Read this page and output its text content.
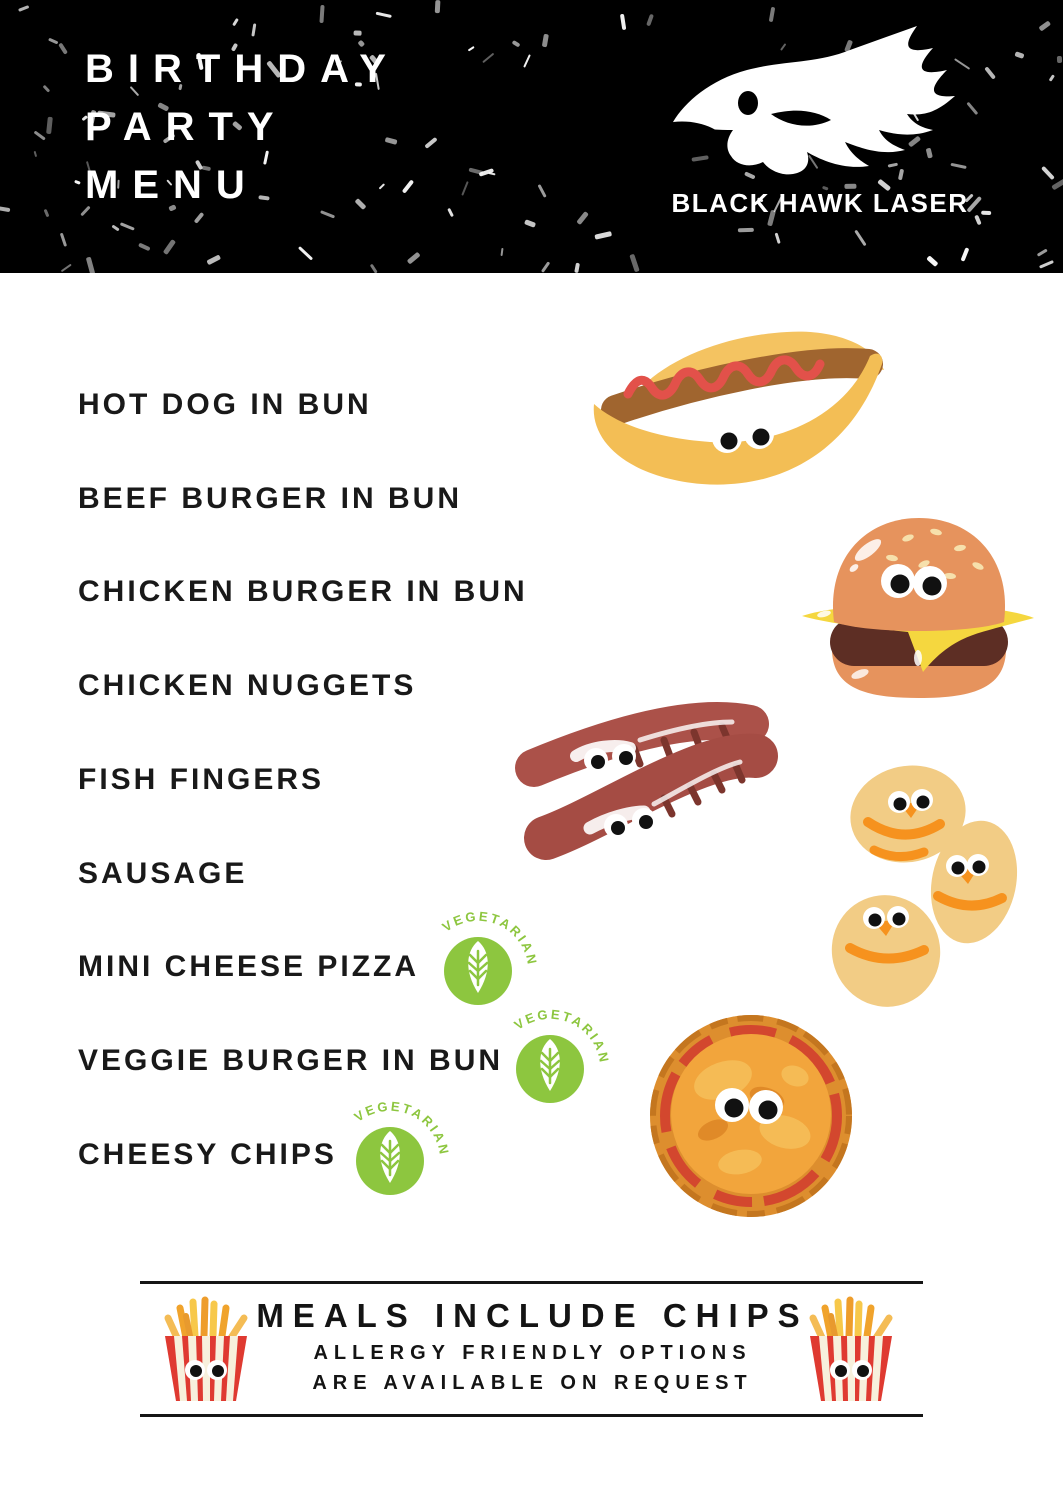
BIRTHDAY
PARTY
MENU	BLACK HAWK LASER
HOT DOG IN BUN
BEEF BURGER IN BUN
CHICKEN BURGER IN BUN
CHICKEN NUGGETS
FISH FINGERS
SAUSAGE
MINI CHEESE PIZZA
VEGGIE BURGER IN BUN
CHEESY CHIPS
VEGETARIAN
VEGETARIAN
VEGETARIAN
MEALS INCLUDE CHIPS
ALLERGY FRIENDLY OPTIONS
ARE AVAILABLE ON REQUEST
